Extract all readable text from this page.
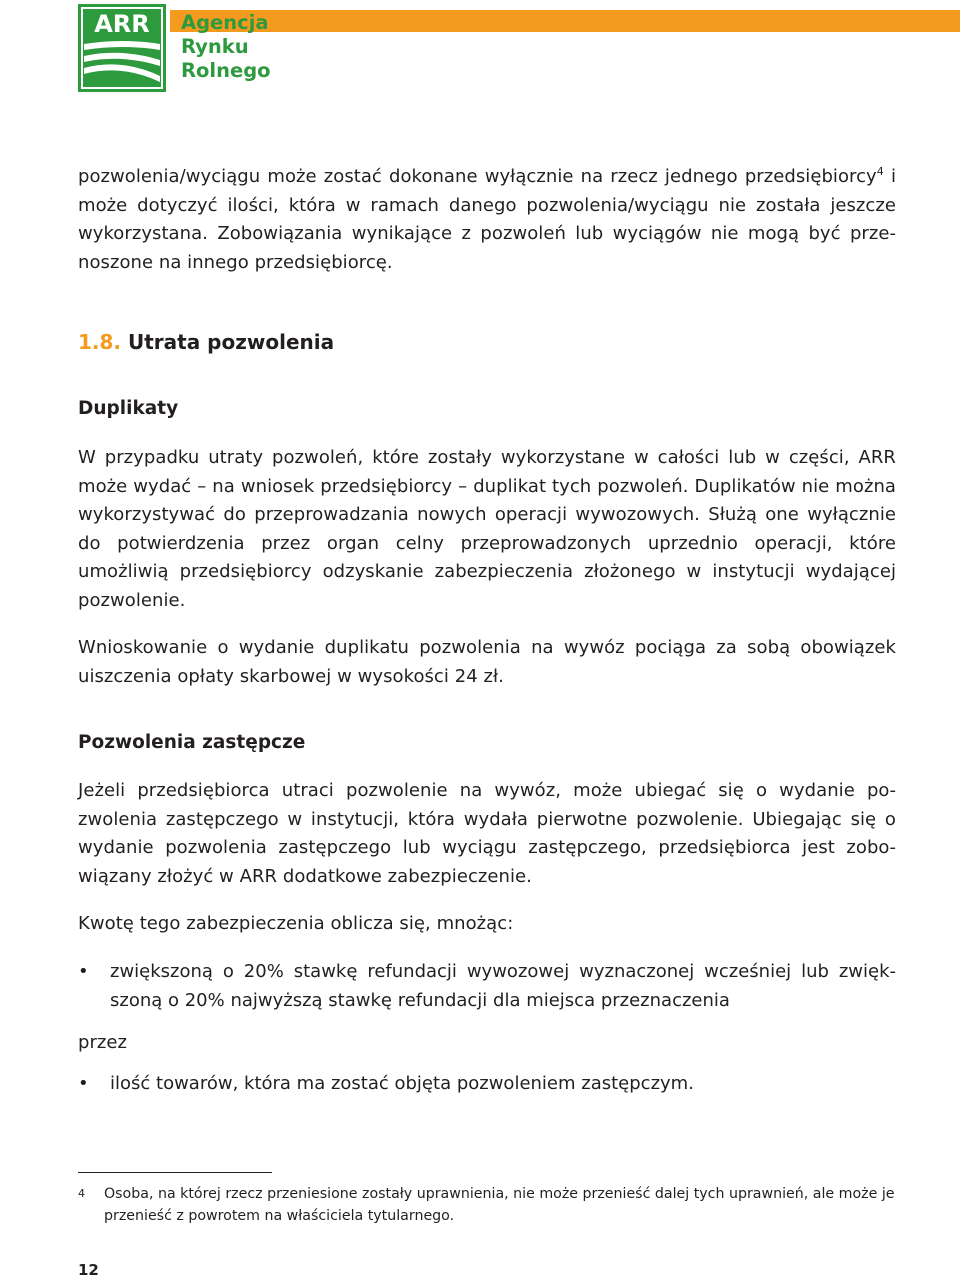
ARR Agencja
Rynku
Rolnego

pozwolenia/wyciągu może zostać dokonane wyłącznie na rzecz jednego przedsiębiorcy$^4$ i może dotyczyć ilości, która w ramach danego pozwolenia/wyciągu nie została jeszcze wykorzystana. Zobowiązania wynikające z pozwoleń lub wyciągów nie mogą być przenoszone na innego przedsiębiorcę.

1.8. Utrata pozwolenia
Duplikaty

W przypadku utraty pozwoleń, które zostały wykorzystane w całości lub w części, ARR może wydać – na wniosek przedsiębiorcy – duplikat tych pozwoleń. Duplikatów nie można wykorzystywać do przeprowadzania nowych operacji wywozowych. Służą one wyłącznie do potwierdzenia przez organ celny przeprowadzonych uprzednio operacji, które umożliwią przedsiębiorcy odzyskanie zabezpieczenia złożonego w instytucji wydającej pozwolenie.

Wnioskowanie o wydanie duplikatu pozwolenia na wywóz pociąga za sobą obowiązek uiszczenia opłaty skarbowej w wysokości 24 zł.

Pozwolenia zastępcze

Jeżeli przedsiębiorca utraci pozwolenie na wywóz, może ubiegać się o wydanie pozwolenia zastępczego w instytucji, która wydała pierwotne pozwolenie. Ubiegając się o wydanie pozwolenia zastępczego lub wyciągu zastępczego, przedsiębiorca jest zobowiązany złożyć w ARR dodatkowe zabezpieczenie.

Kwotę tego zabezpieczenia oblicza się, mnożąc:

• zwiększoną o 20% stawkę refundacji wywozowej wyznaczonej wcześniej lub zwiększoną o 20% najwyższą stawkę refundacji dla miejsca przeznaczenia

przez

• ilość towarów, która ma zostać objęta pozwoleniem zastępczym.
4 Osoba, na której rzecz przeniesione zostały uprawnienia, nie może przenieść dalej tych uprawnień, ale może je przenieść z powrotem na właściciela tytularnego.
12
